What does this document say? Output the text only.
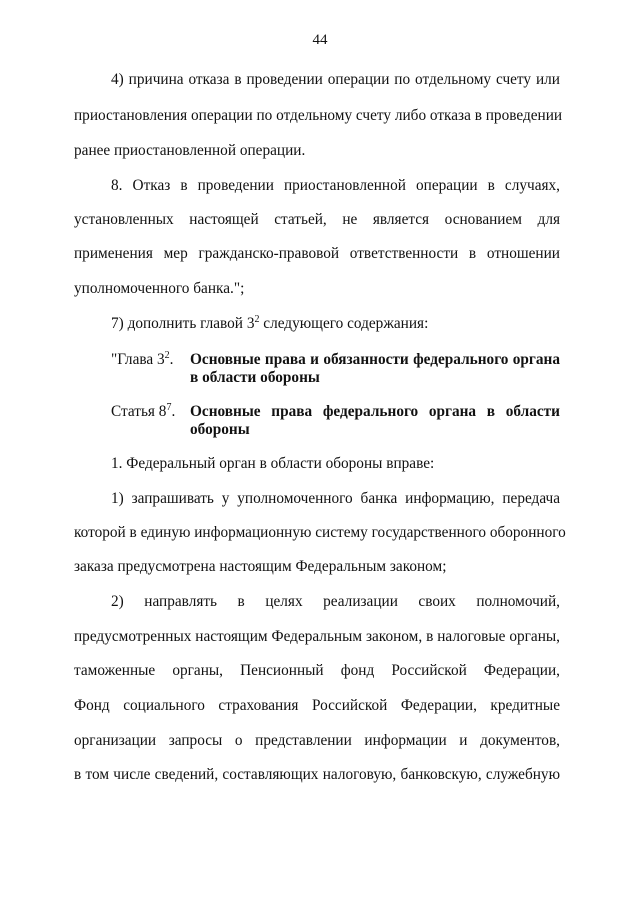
44
4) причина отказа в проведении операции по отдельному счету или
приостановления операции по отдельному счету либо отказа в проведении
ранее приостановленной операции.
8. Отказ в проведении приостановленной операции в случаях,
установленных настоящей статьей, не является основанием для
применения мер гражданско-правовой ответственности в отношении
уполномоченного банка.";
7) дополнить главой $3^2$ следующего содержания:
"Глава $3^2$. Основные права и обязанности федерального органа
в области обороны
Статья $8^7$. Основные права федерального органа в области
обороны
1. Федеральный орган в области обороны вправе:
1) запрашивать у уполномоченного банка информацию, передача
которой в единую информационную систему государственного оборонного
заказа предусмотрена настоящим Федеральным законом;
2) направлять в целях реализации своих полномочий,
предусмотренных настоящим Федеральным законом, в налоговые органы,
таможенные органы, Пенсионный фонд Российской Федерации,
Фонд социального страхования Российской Федерации, кредитные
организации запросы о представлении информации и документов,
в том числе сведений, составляющих налоговую, банковскую, служебную
